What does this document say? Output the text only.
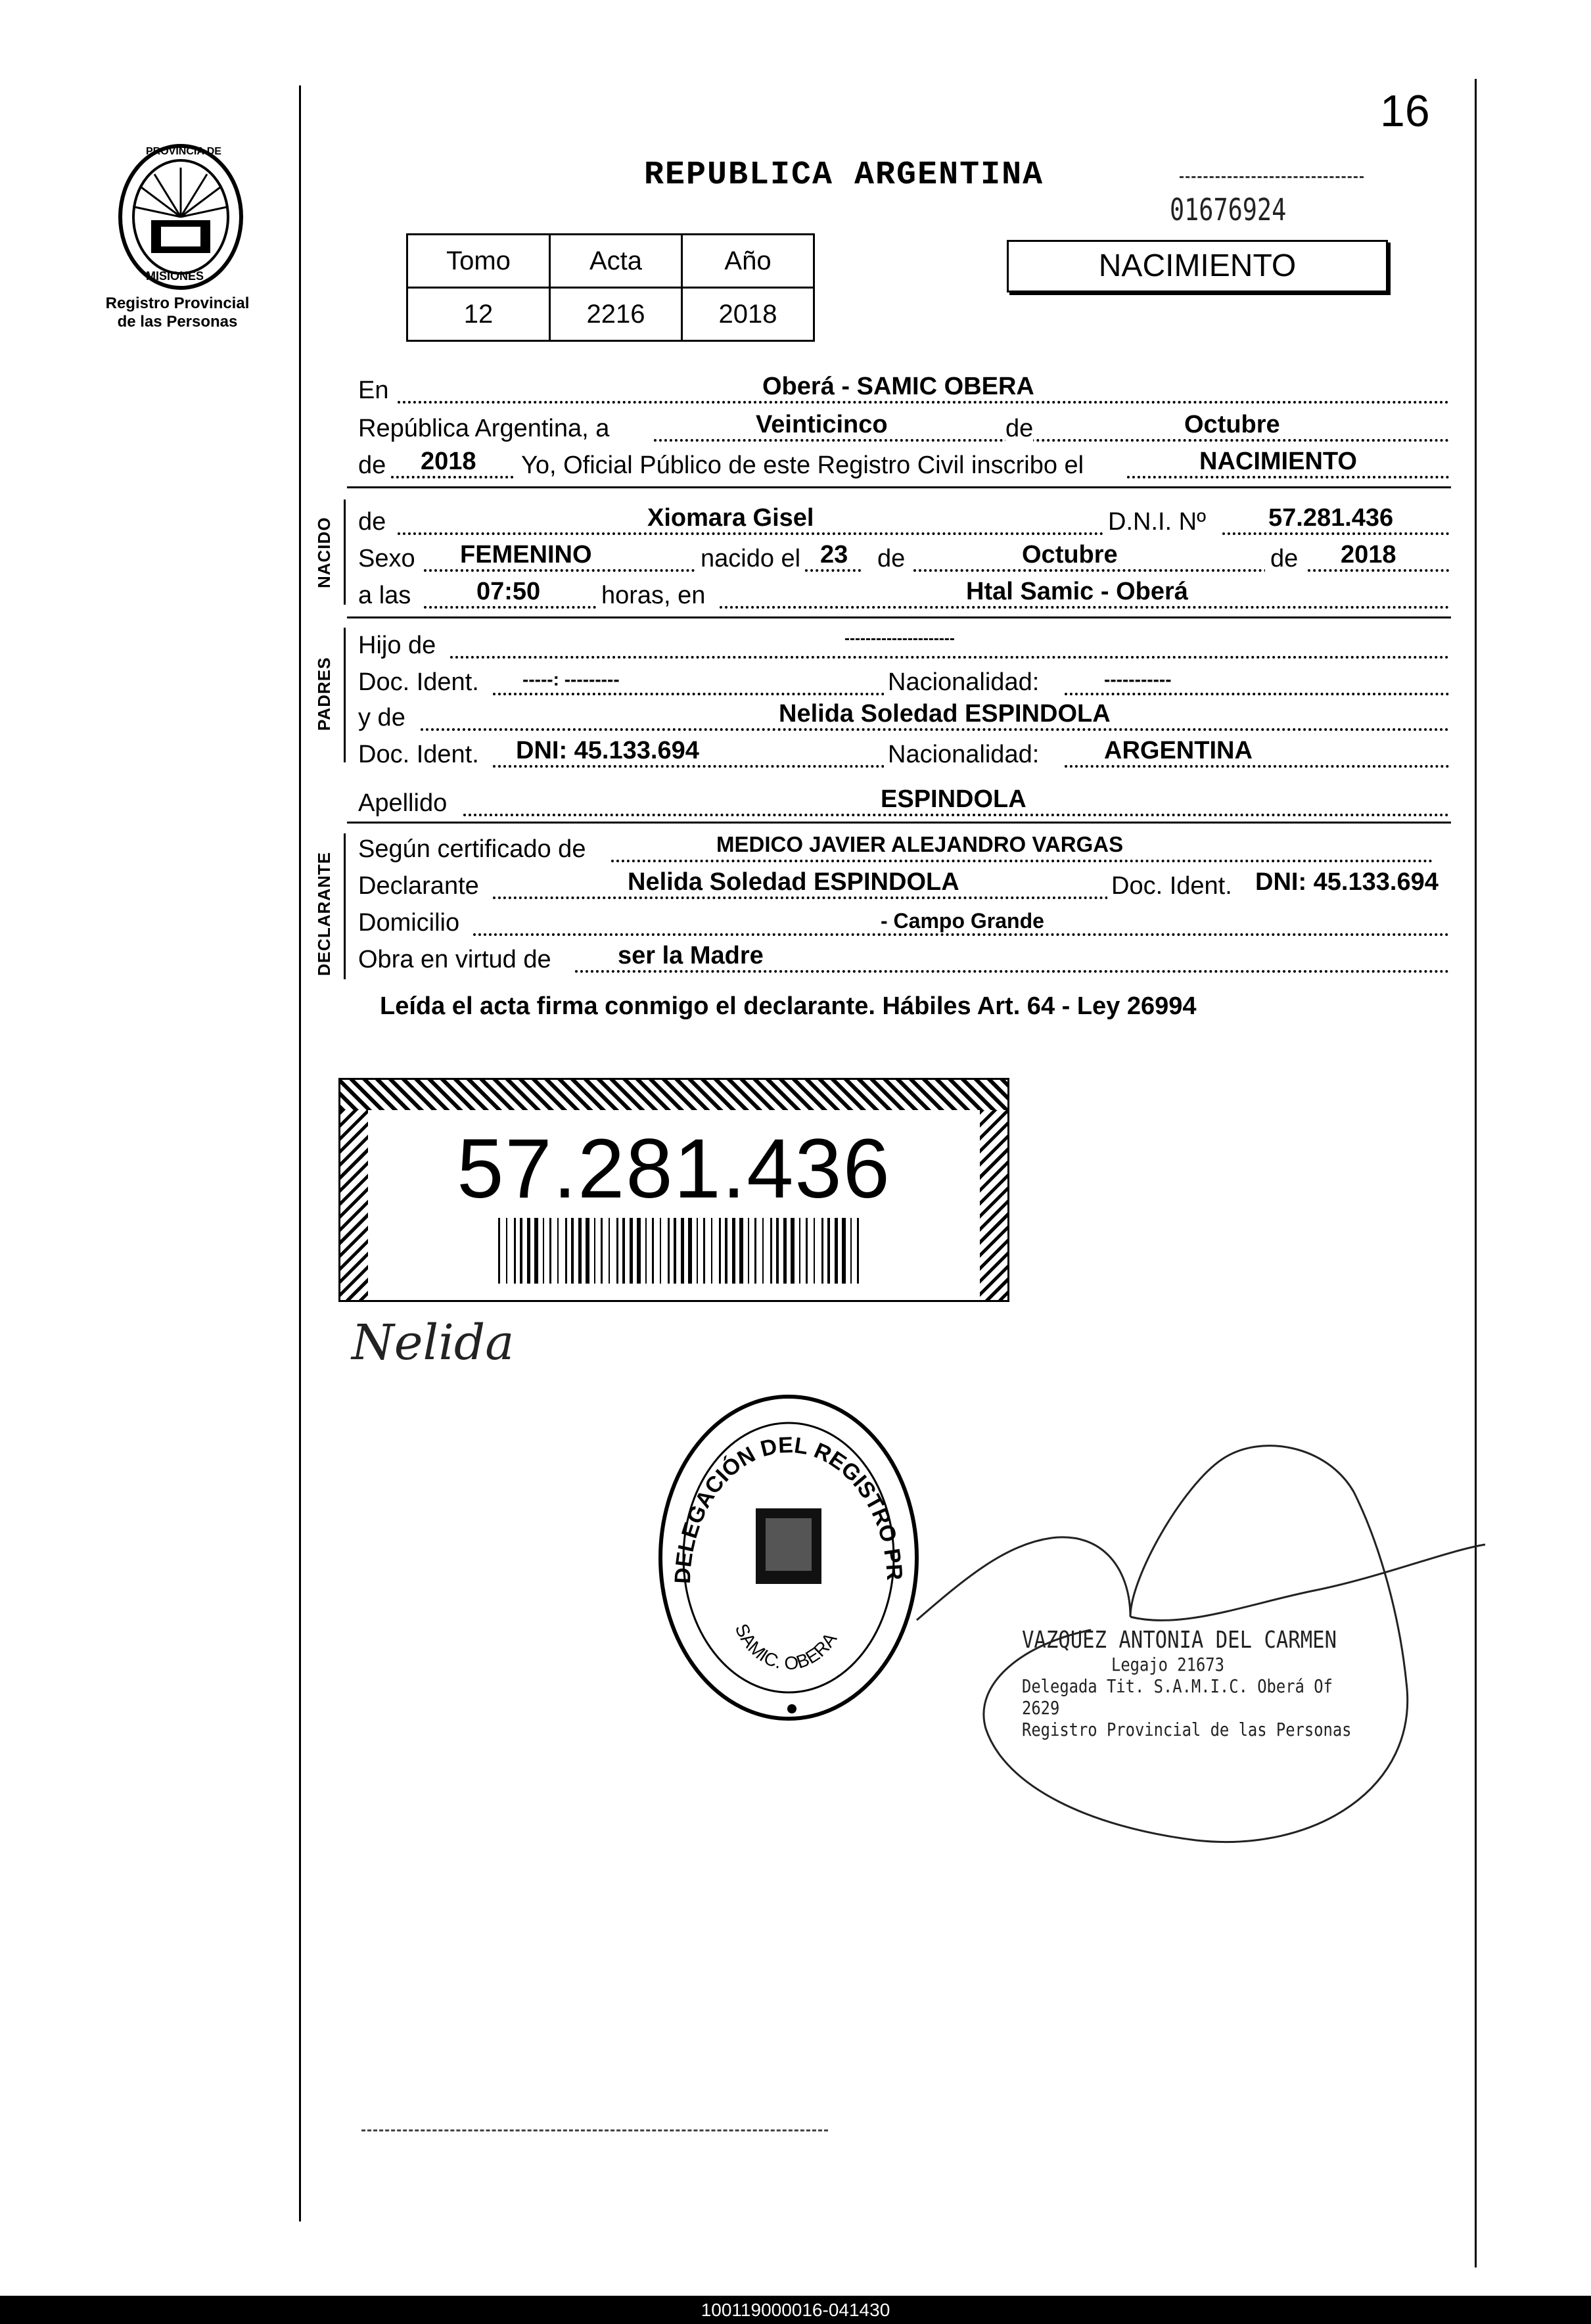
16
PROVINCIA DE
MISIONES
Registro Provincial
de las Personas
REPUBLICA ARGENTINA
01676924
Tomo	Acta	Año
12	2216	2018
NACIMIENTO
En	Oberá - SAMIC OBERA
República Argentina, a	Veinticinco	de	Octubre
de 2018 Yo, Oficial Público de este Registro Civil inscribo el	NACIMIENTO
NACIDO de	Xiomara Gisel	D.N.I. Nº	57.281.436
Sexo FEMENINO	nacido el 23 de	Octubre	de 2018
a las	07:50 horas, en	Htal Samic - Oberá
PADRES
Hijo de	---------------------
Doc. Ident. -----: ---------	Nacionalidad:	-----------
y de	Nelida Soledad ESPINDOLA
Doc. Ident. DNI: 45.133.694	Nacionalidad:	ARGENTINA
Apellido	ESPINDOLA
DECLARANTE
Según certificado de	MEDICO JAVIER ALEJANDRO VARGAS
Declarante	Nelida Soledad ESPINDOLA	Doc. Ident. DNI: 45.133.694
Domicilio	- Campo Grande
Obra en virtud de	ser la Madre
Leída el acta firma conmigo el declarante. Hábiles Art. 64 - Ley 26994
57.281.436
Nelida
DELEGACIÓN DEL REGISTRO PR
SAMIC. OBERA	VAZQUEZ ANTONIA DEL CARMEN
Legajo 21673
Delegada Tit. S.A.M.I.C. Oberá Of 2629
Registro Provincial de las Personas
100119000016-041430
